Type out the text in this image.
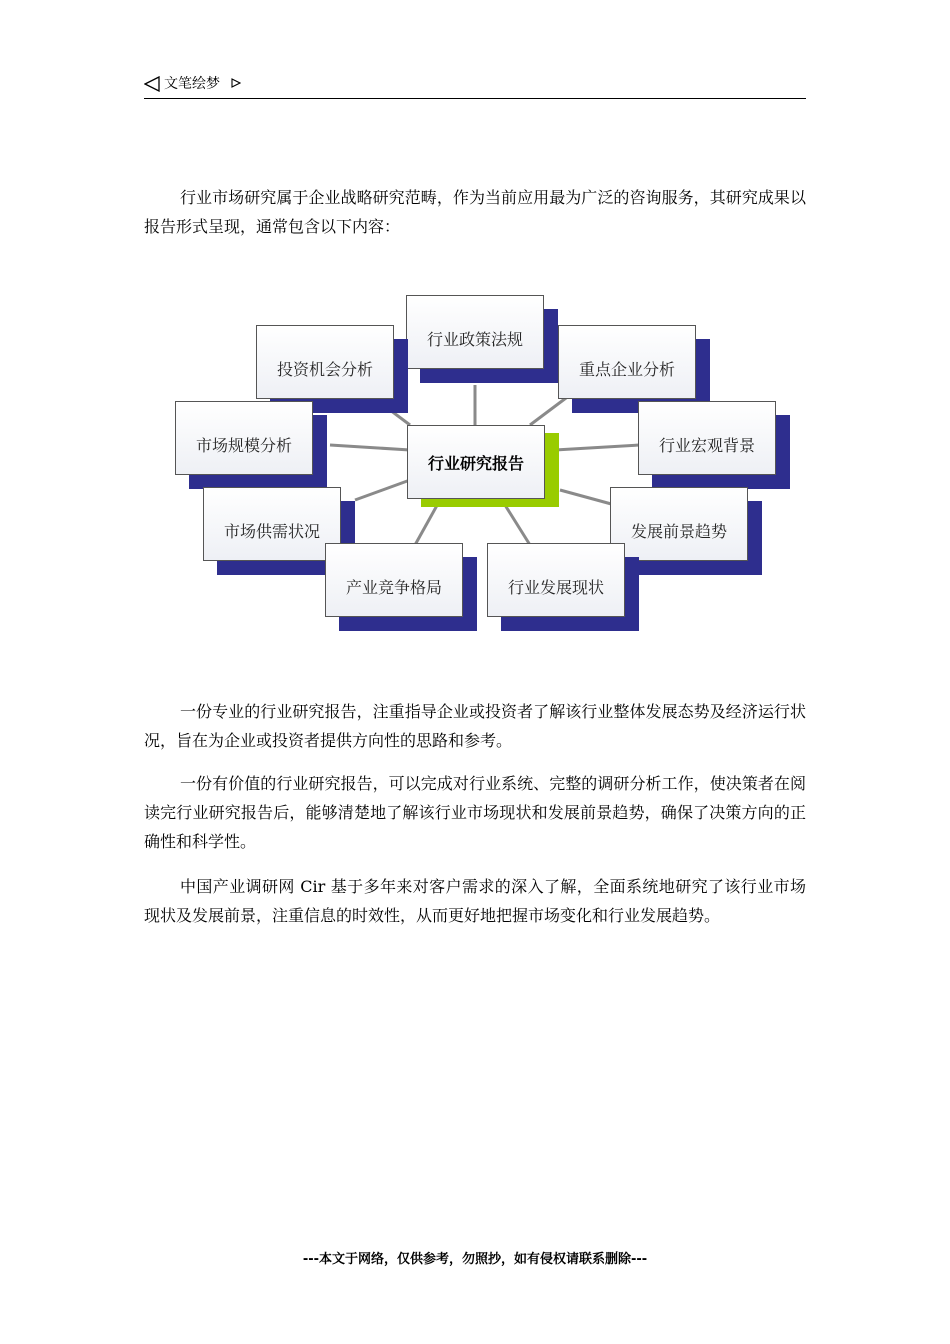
文笔绘梦

行业市场研究属于企业战略研究范畴，作为当前应用最为广泛的咨询服务，其研究成果以报告形式呈现，通常包含以下内容：

行业研究报告
行业政策法规
投资机会分析	重点企业分析
市场规模分析	行业宏观背景
市场供需状况	发展前景趋势
产业竞争格局	行业发展现状

一份专业的行业研究报告，注重指导企业或投资者了解该行业整体发展态势及经济运行状况，旨在为企业或投资者提供方向性的思路和参考。

一份有价值的行业研究报告，可以完成对行业系统、完整的调研分析工作，使决策者在阅读完行业研究报告后，能够清楚地了解该行业市场现状和发展前景趋势，确保了决策方向的正确性和科学性。

中国产业调研网 Cir 基于多年来对客户需求的深入了解，全面系统地研究了该行业市场现状及发展前景，注重信息的时效性，从而更好地把握市场变化和行业发展趋势。

---本文于网络，仅供参考，勿照抄，如有侵权请联系删除---
